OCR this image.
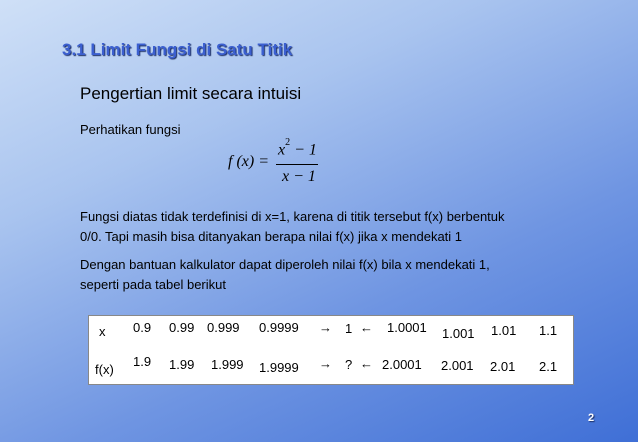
3.1 Limit Fungsi di Satu Titik
Pengertian limit secara intuisi
Perhatikan fungsi
f (x) =
$x^2 - 1$
x − 1
Fungsi diatas tidak terdefinisi di x=1, karena di titik tersebut f(x) berbentuk
0/0. Tapi masih bisa ditanyakan berapa nilai f(x) jika x mendekati 1
Dengan bantuan kalkulator dapat diperoleh nilai f(x) bila x mendekati 1,
seperti pada tabel berikut
x 0.9 0.99 0.999 0.9999 → 1 ← 1.0001 1.001 1.01 1.1
f(x)
1.9 1.99 1.999 1.9999 → ? ← 2.0001 2.001 2.01 2.1
2
